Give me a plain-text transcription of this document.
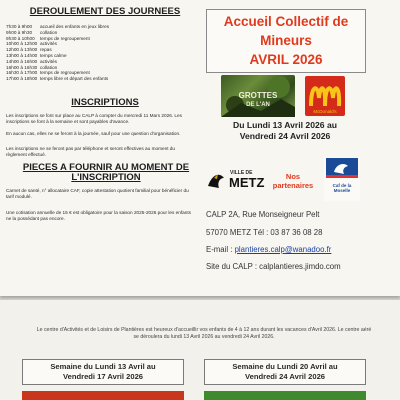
DEROULEMENT DES JOURNEES
7h30 à 9h00	accueil des enfants en jeux libres
9h00 à 9h30	collation
9h30 à 10h00	temps de regroupement
10h00 à 12h00 activités
12h00 à 13h00 repas
13h00 à 14h00 temps calme
14h00 à 16h00 activités
16h00 à 16h30 collation
16h30 à 17h00 temps de regroupement
17h00 à 18h00 temps libre et départ des enfants
INSCRIPTIONS
Les inscriptions se font sur place au CALP à compter du mercredi 11 Mars 2026. Les inscriptions se font à la semaine et sont payables d'avance.
En aucun cas, elles ne se feront à la journée, sauf pour une question d'organisation.
Les inscriptions ne se feront pas par téléphone et seront effectives au moment du règlement effectué.
PIECES A FOURNIR AU MOMENT DE L'INSCRIPTION
Carnet de santé, n° allocataire CAF, copie attestation quotient familial pour bénéficier du tarif modulé.
Une cotisation annuelle de 15 € est obligatoire pour la saison 2025-2026 pour les enfants ne la possédant pas encore.
Accueil Collectif de
Mineurs
AVRIL 2026
GROTTES
DE L'AN
McDonald's
Du Lundi 13 Avril 2026 au
Vendredi 24 Avril 2026
VILLE DE
METZ	Nos
partenaires	Caf de la Moselle
CALP 2A, Rue Monseigneur Pelt
57070 METZ Tél : 03 87 36 08 28
E-mail : plantieres.calp@wanadoo.fr
Site du CALP : calplantieres.jimdo.com
Le centre d'Activités et de Loisirs de Plantières est heureux d'accueillir vos enfants de 4 à 12 ans durant les vacances d'Avril 2026. Le centre aéré se déroulera du lundi 13 Avril 2026 au vendredi 24 Avril 2026.
Semaine du Lundi 13 Avril au
Vendredi 17 Avril 2026
Semaine du Lundi 20 Avril au
Vendredi 24 Avril 2026
